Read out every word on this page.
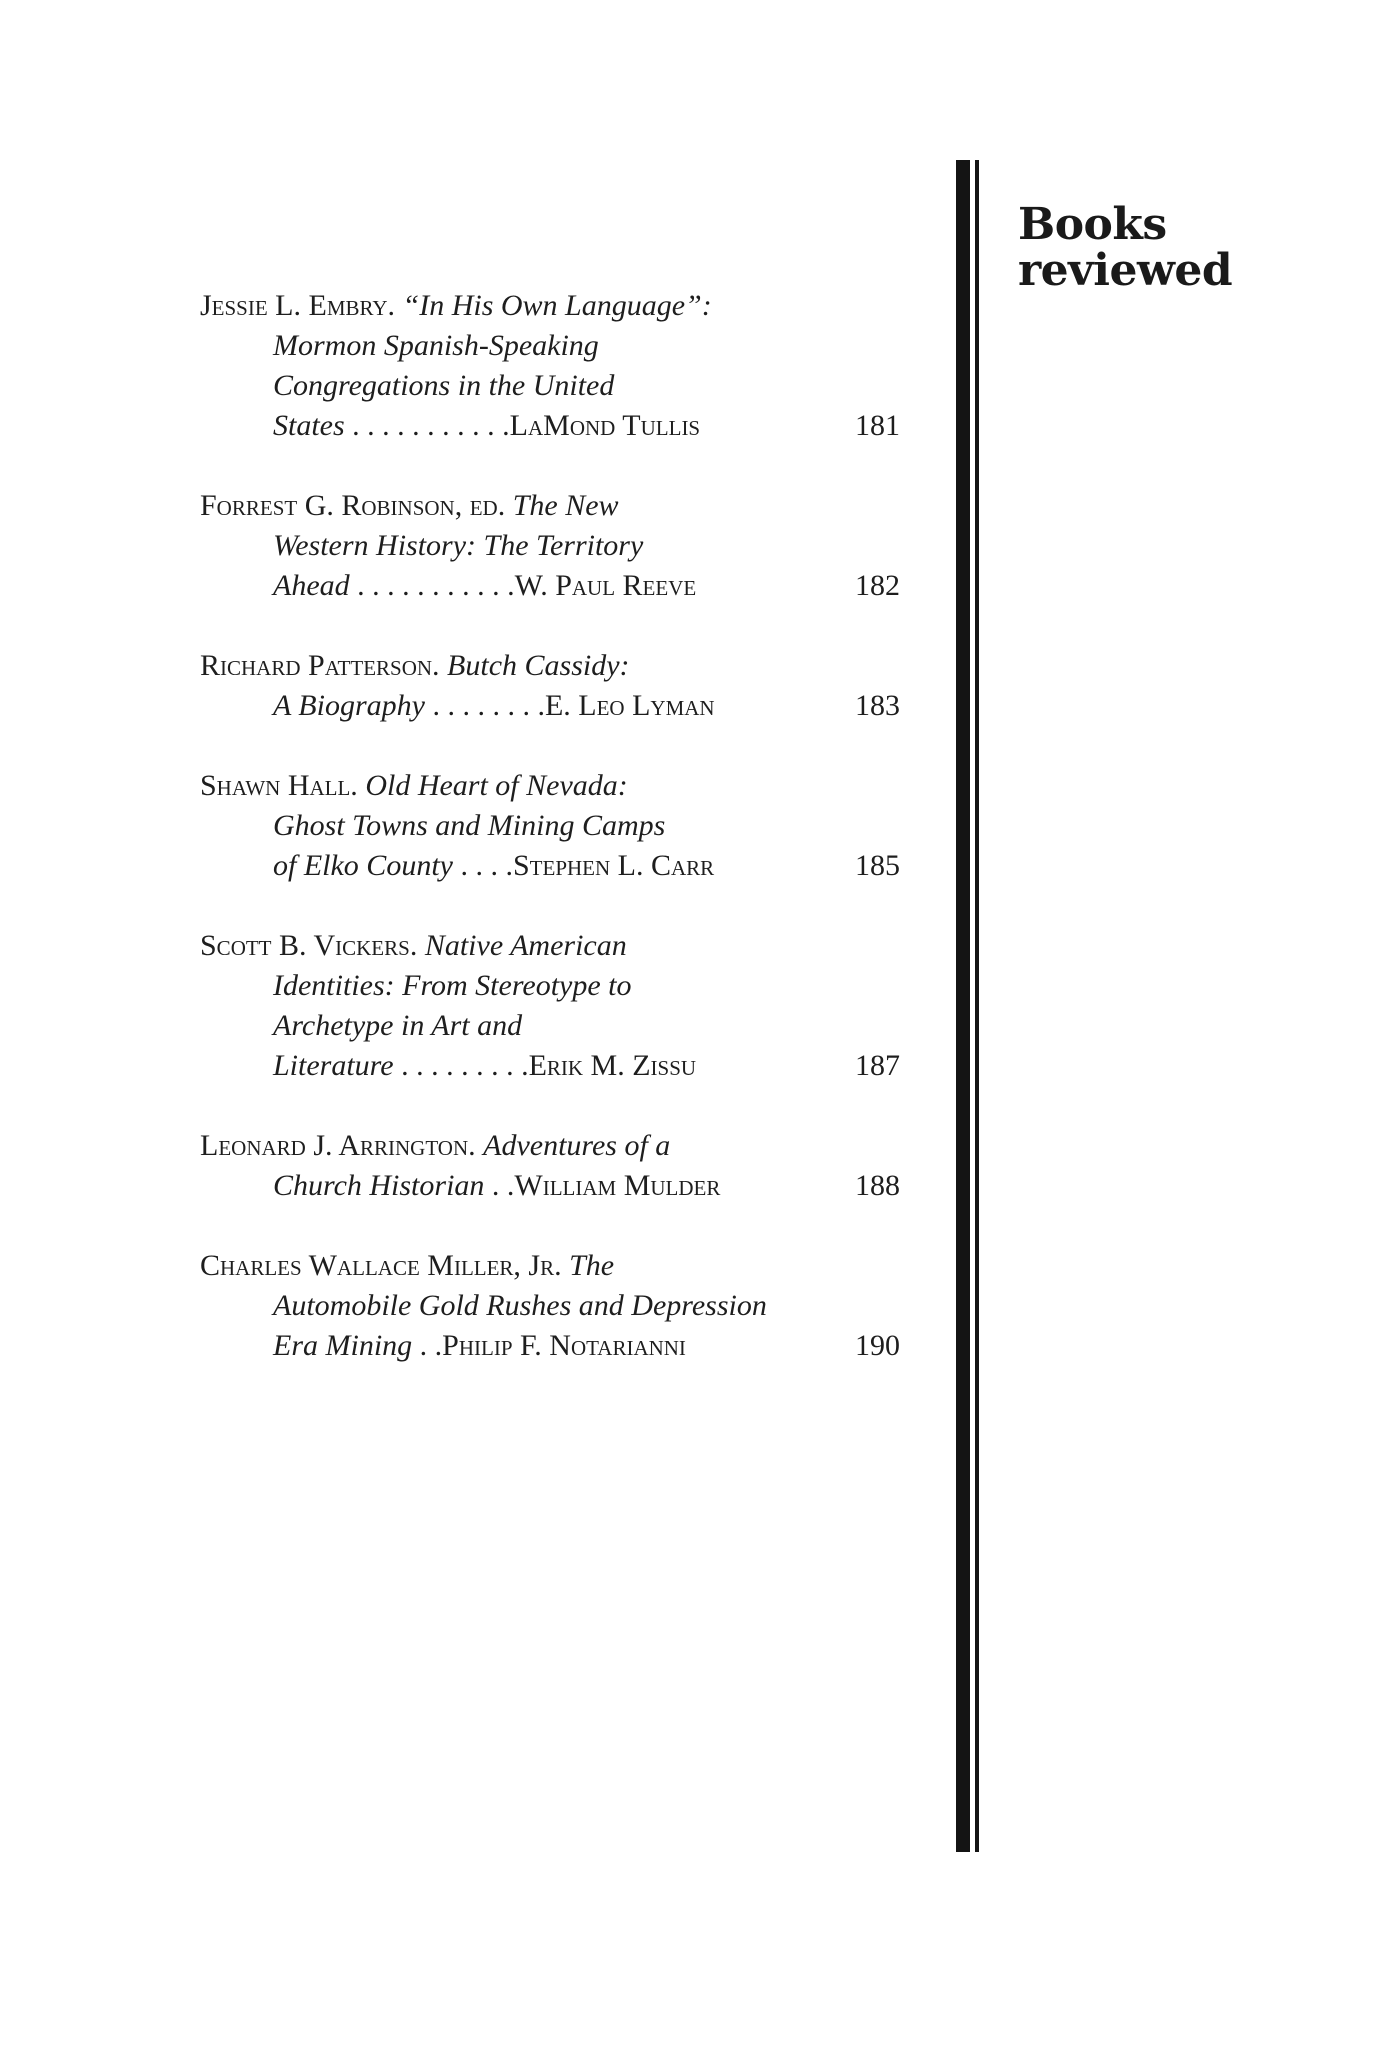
Books
reviewed
Jessie L. Embry. “In His Own Language”:
Mormon Spanish-Speaking
Congregations in the United
States . . . . . . . . . . .LaMond Tullis	181
Forrest G. Robinson, ed. The New
Western History: The Territory
Ahead . . . . . . . . . . .W. Paul Reeve	182
Richard Patterson. Butch Cassidy:
A Biography . . . . . . . .E. Leo Lyman	183
Shawn Hall. Old Heart of Nevada:
Ghost Towns and Mining Camps
of Elko County . . . .Stephen L. Carr	185
Scott B. Vickers. Native American
Identities: From Stereotype to
Archetype in Art and
Literature . . . . . . . . .Erik M. Zissu	187
Leonard J. Arrington. Adventures of a
Church Historian . .William Mulder	188
Charles Wallace Miller, Jr. The
Automobile Gold Rushes and Depression
Era Mining . .Philip F. Notarianni	190
